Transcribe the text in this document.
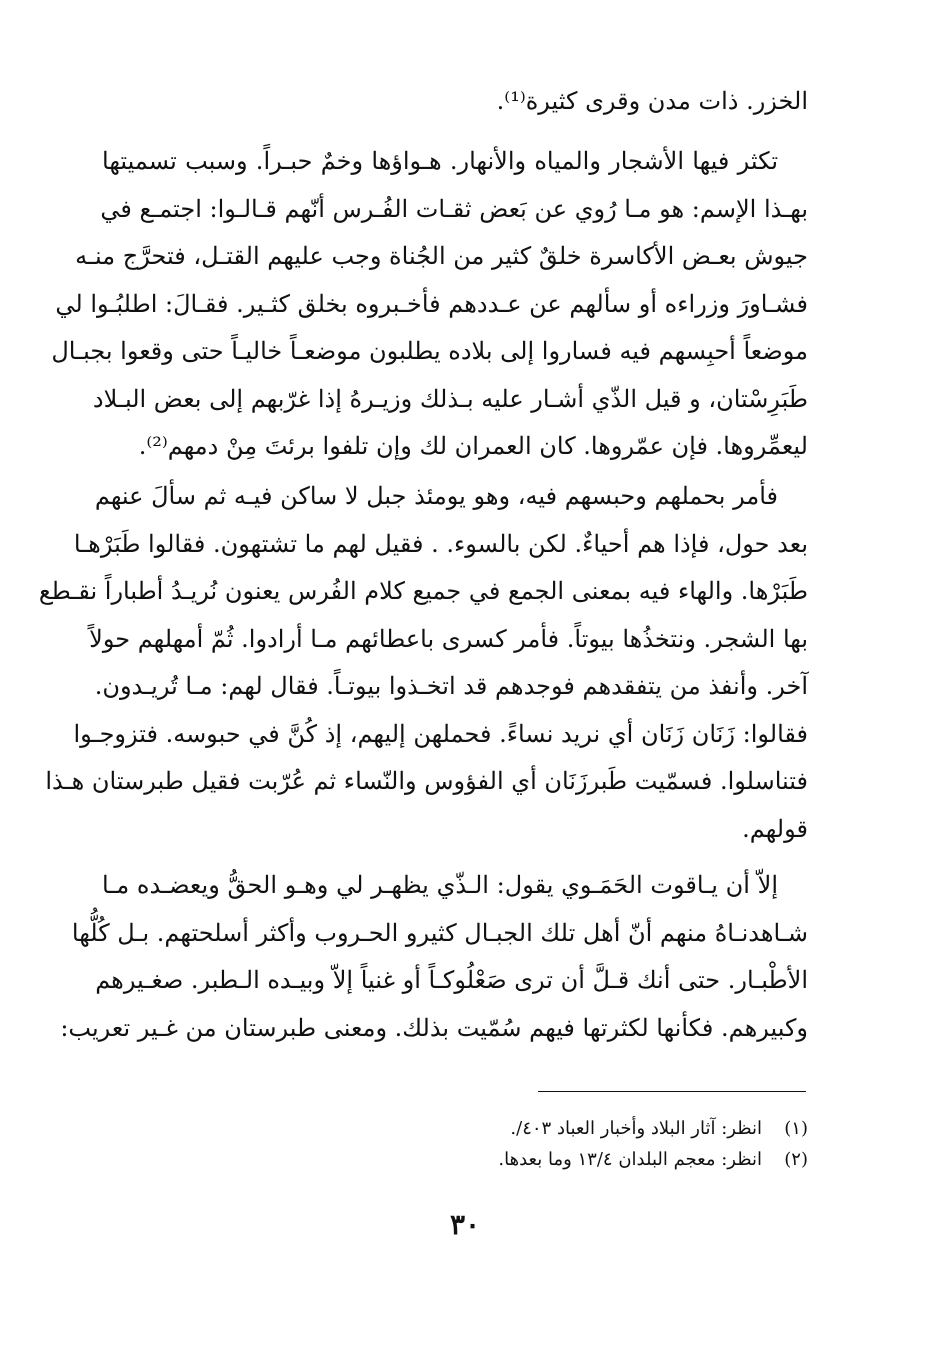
الخزر. ذات مدن وقرى كثيرة⁽¹⁾.
تكثر فيها الأشجار والمياه والأنهار. هـواؤها وخمٌ حبـراً. وسبب تسميتها
بهـذا الإسم: هو مـا رُوي عن بَعض ثقـات الفُـرس أنّهم قـالـوا: اجتمـع في
جيوش بعـض الأكاسرة خلقٌ كثير من الجُناة وجب عليهم القتـل، فتحرَّج منـه
فشـاورَ وزراءه أو سألهم عن عـددهم فأخـبروه بخلق كثـير. فقـالَ: اطلبُـوا لي
موضعاً أحبِسهم فيه فساروا إلى بلاده يطلبون موضعـاً خاليـاً حتى وقعوا بجبـال
طَبَرِسْتان، و قيل الذّي أشـار عليه بـذلك وزيـرهُ إذا غرّبهم إلى بعض البـلاد
ليعمِّروها. فإن عمّروها. كان العمران لك وإن تلفوا برئتَ مِنْ دمهم⁽²⁾.
فأمر بحملهم وحبسهم فيه، وهو يومئذ جبل لا ساكن فيـه ثم سألَ عنهم
بعد حول، فإذا هم أحياءٌ. لكن بالسوء. . فقيل لهم ما تشتهون. فقالوا طَبَرْهـا
طَبَرْها. والهاء فيه بمعنى الجمع في جميع كلام الفُرس يعنون نُريـدُ أطباراً نقـطع
بها الشجر. ونتخذُها بيوتاً. فأمر كسرى باعطائهم مـا أرادوا. ثُمّ أمهلهم حولاً
آخر. وأنفذ من يتفقدهم فوجدهم قد اتخـذوا بيوتـاً. فقال لهم: مـا تُريـدون.
فقالوا: زَنَان زَنَان أي نريد نساءً. فحملهن إليهم، إذ كُنَّ في حبوسه. فتزوجـوا
فتناسلوا. فسمّيت طَبرزَنَان أي الفؤوس والنّساء ثم عُرّبت فقيل طبرستان هـذا
قولهم.
إلاّ أن يـاقوت الحَمَـوي يقول: الـذّي يظهـر لي وهـو الحقُّ ويعضـده مـا
شـاهدنـاهُ منهم أنّ أهل تلك الجبـال كثيرو الحـروب وأكثر أسلحتهم. بـل كُلُّها
الأطْبـار. حتى أنك قـلَّ أن ترى صَعْلُوكـاً أو غنياً إلاّ وبيـده الـطبر. صغـيرهم
وكبيرهم. فكأنها لكثرتها فيهم سُمّيت بذلك. ومعنى طبرستان من غـير تعريب:
(١)انظر: آثار البلاد وأخبار العباد ٤٠٣/.
(٢)انظر: معجم البلدان ١٣/٤ وما بعدها.
٣٠
